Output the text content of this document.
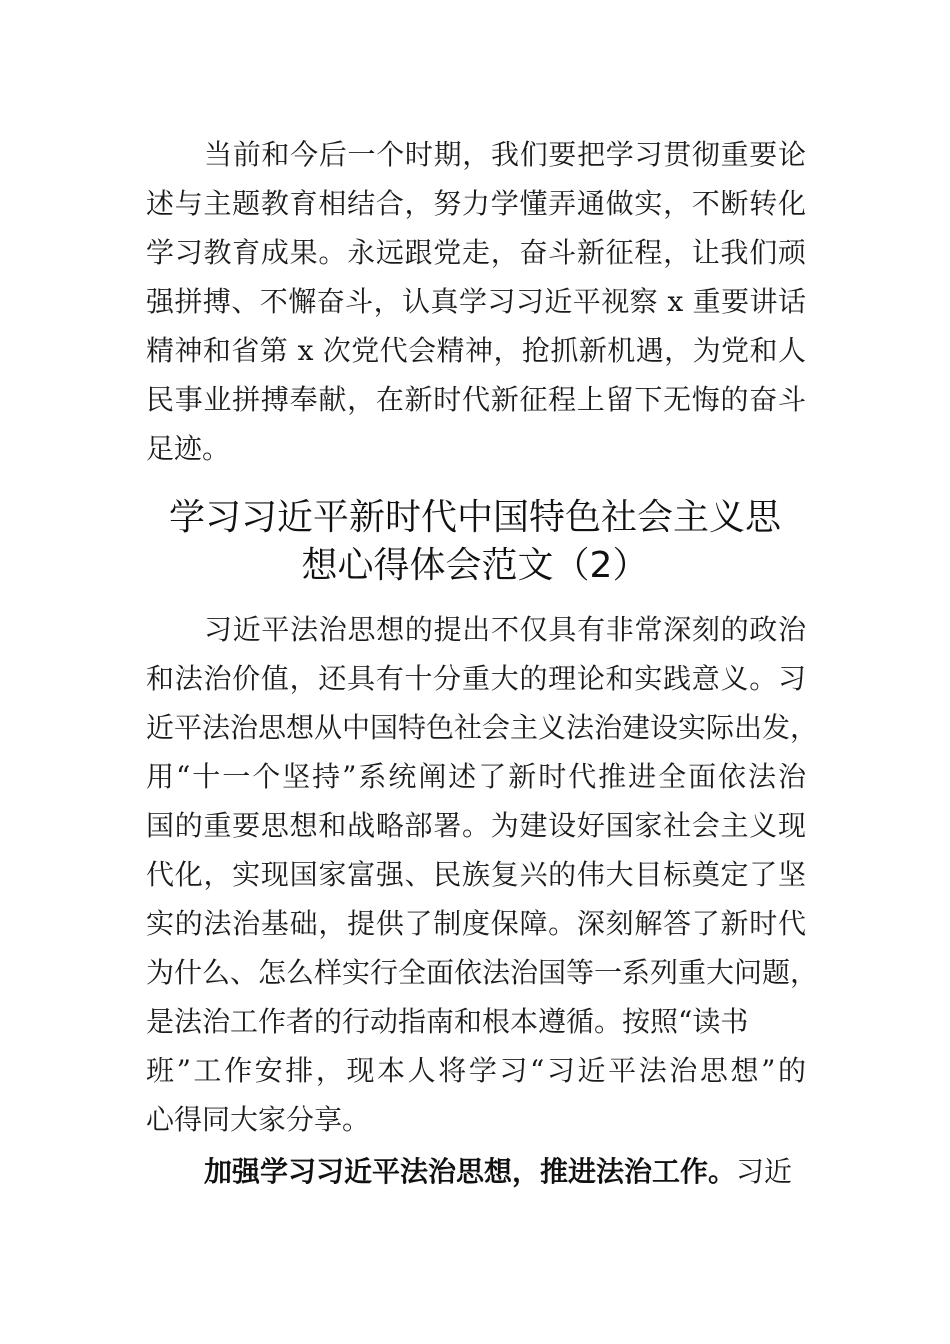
当前和今后一个时期，我们要把学习贯彻重要论
述与主题教育相结合，努力学懂弄通做实，不断转化
学习教育成果。永远跟党走，奋斗新征程，让我们顽
强拼搏、不懈奋斗，认真学习习近平视察 x 重要讲话
精神和省第 x 次党代会精神，抢抓新机遇，为党和人
民事业拼搏奉献，在新时代新征程上留下无悔的奋斗
足迹。
学习习近平新时代中国特色社会主义思
想心得体会范文（2）
习近平法治思想的提出不仅具有非常深刻的政治
和法治价值，还具有十分重大的理论和实践意义。习
近平法治思想从中国特色社会主义法治建设实际出发，
用“十一个坚持”系统阐述了新时代推进全面依法治
国的重要思想和战略部署。为建设好国家社会主义现
代化，实现国家富强、民族复兴的伟大目标奠定了坚
实的法治基础，提供了制度保障。深刻解答了新时代
为什么、怎么样实行全面依法治国等一系列重大问题，
是法治工作者的行动指南和根本遵循。按照“读书
班”工作安排，现本人将学习“习近平法治思想”的
心得同大家分享。
加强学习习近平法治思想，推进法治工作。习近
